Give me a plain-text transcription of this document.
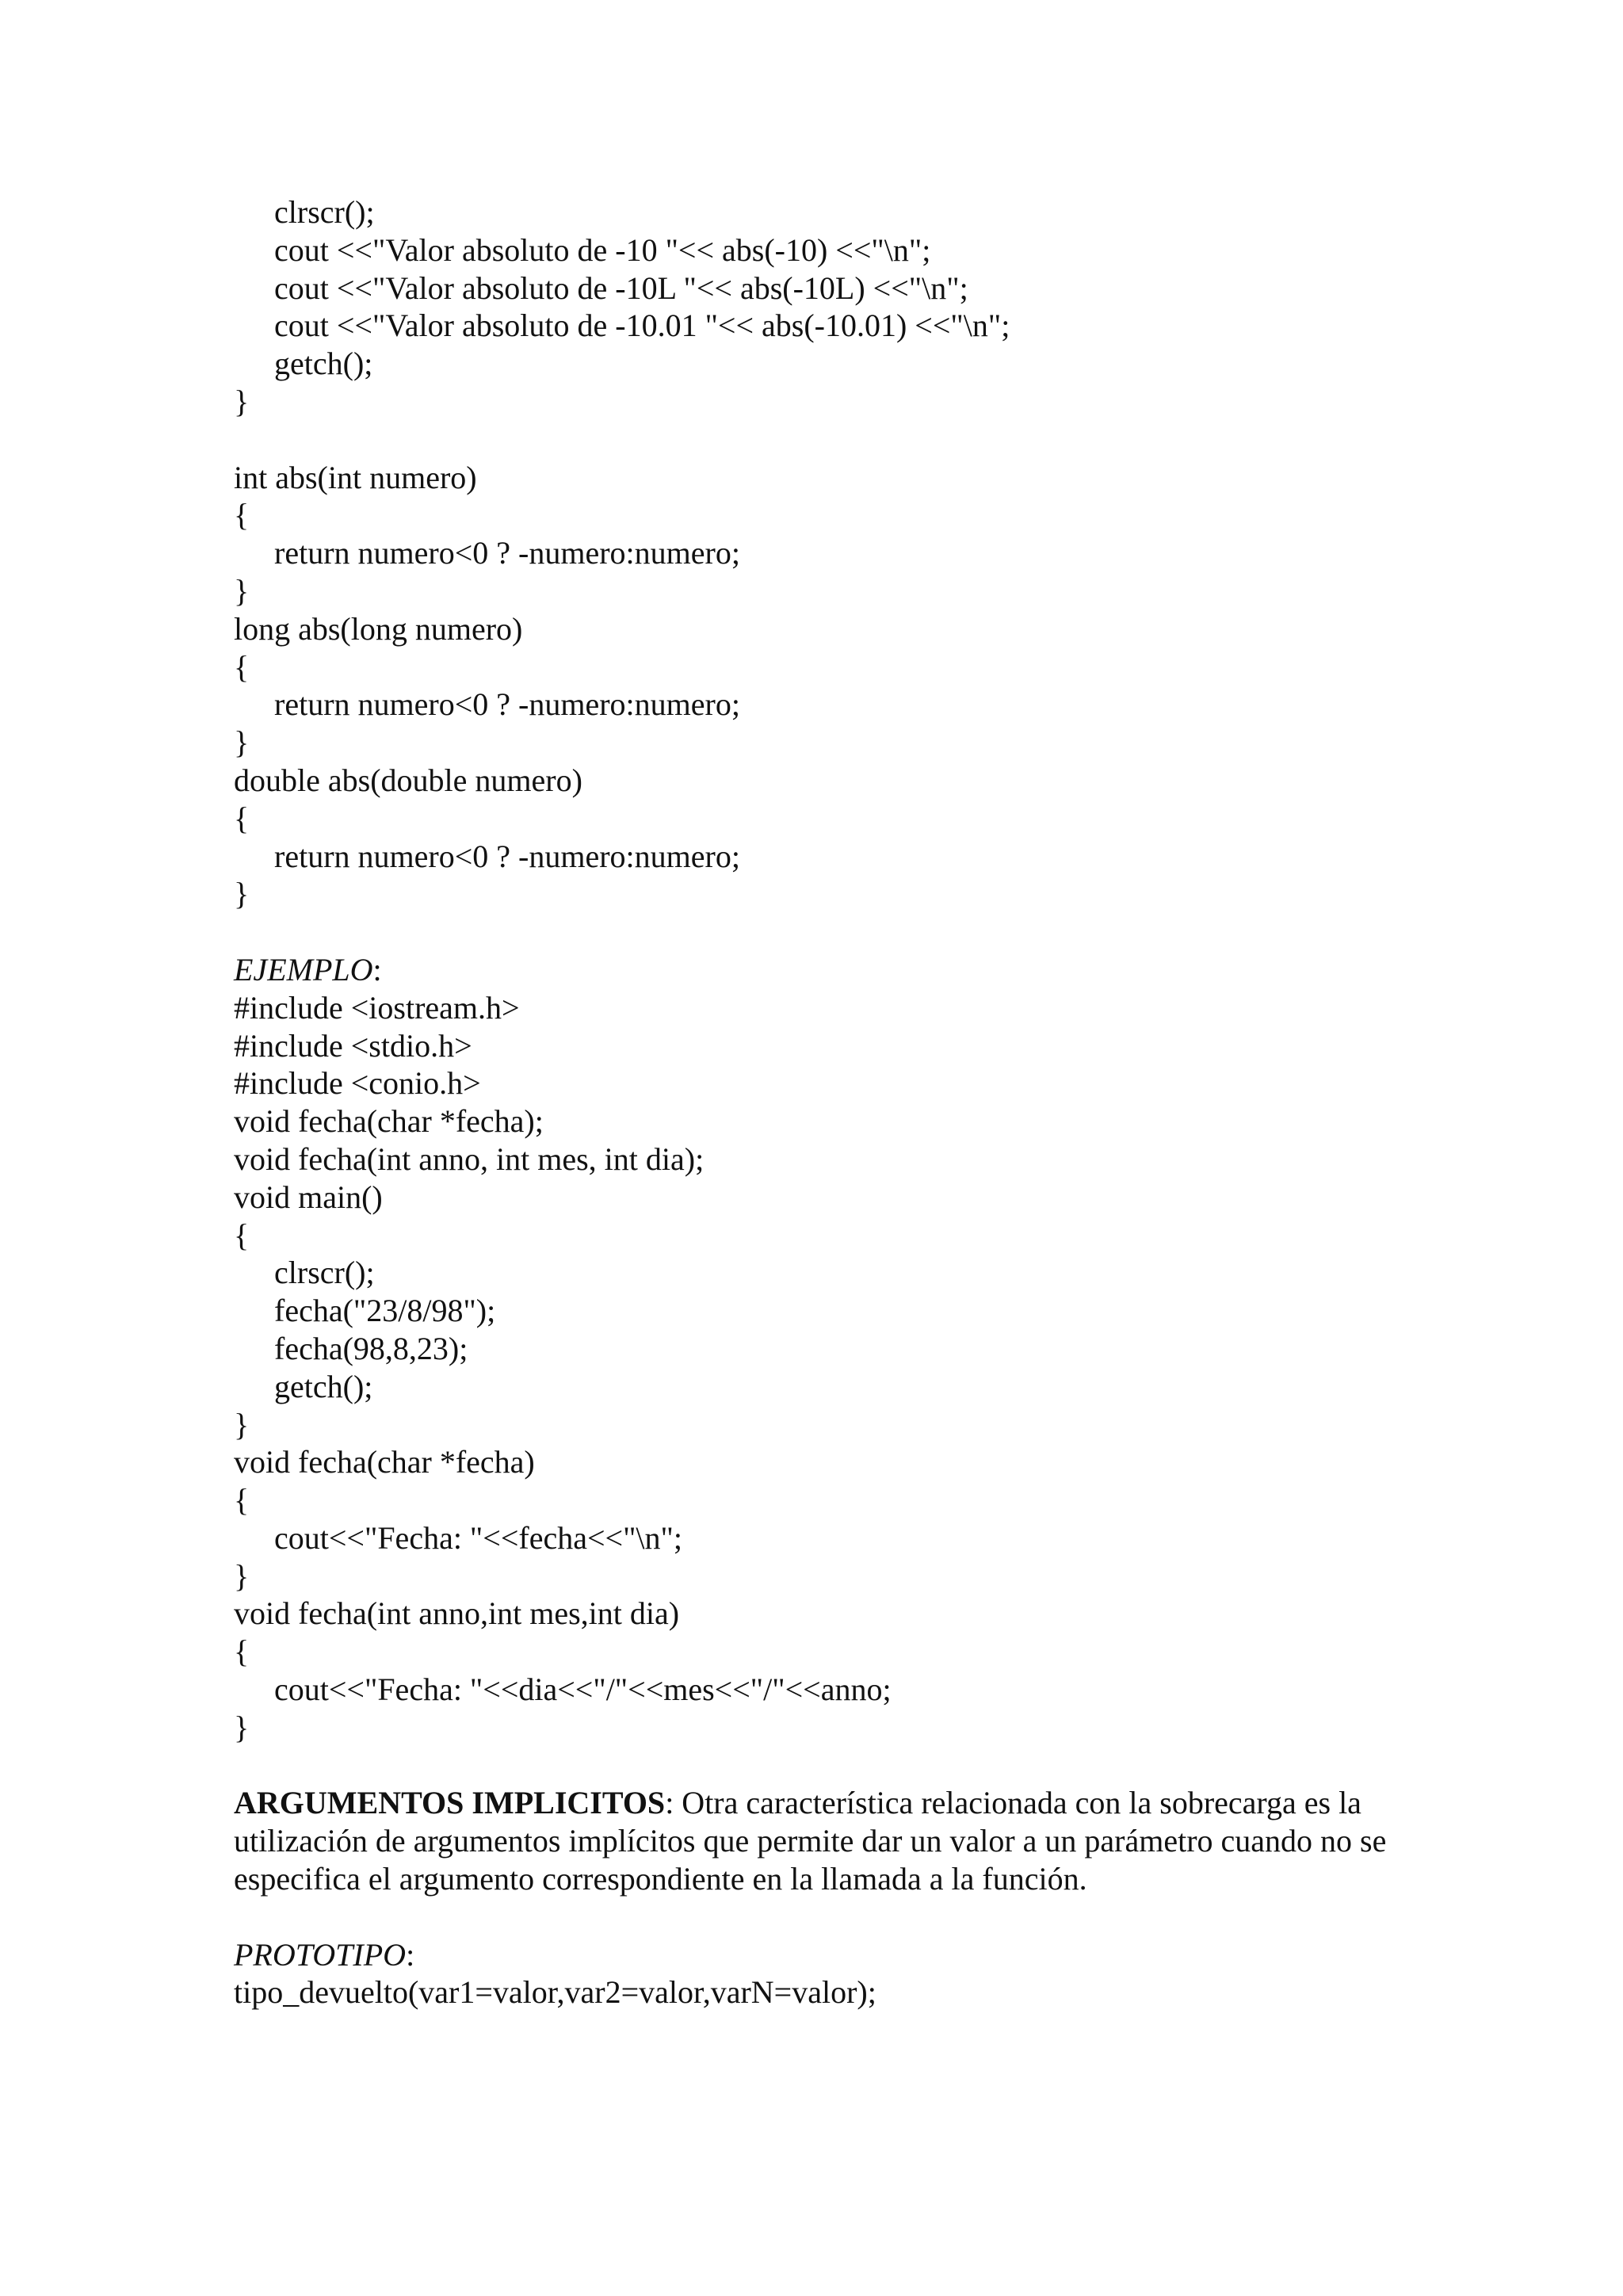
clrscr();
cout <<"Valor absoluto de -10 "<< abs(-10) <<"\n";
cout <<"Valor absoluto de -10L "<< abs(-10L) <<"\n";
cout <<"Valor absoluto de -10.01 "<< abs(-10.01) <<"\n";
getch();
}
int abs(int numero)
{
return numero<0 ? -numero:numero;
}
long abs(long numero)
{
return numero<0 ? -numero:numero;
}
double abs(double numero)
{
return numero<0 ? -numero:numero;
}
EJEMPLO:
#include <iostream.h>
#include <stdio.h>
#include <conio.h>
void fecha(char *fecha);
void fecha(int anno, int mes, int dia);
void main()
{
clrscr();
fecha("23/8/98");
fecha(98,8,23);
getch();
}
void fecha(char *fecha)
{
cout<<"Fecha: "<<fecha<<"\n";
}
void fecha(int anno,int mes,int dia)
{
cout<<"Fecha: "<<dia<<"/"<<mes<<"/"<<anno;
}
ARGUMENTOS IMPLICITOS: Otra característica relacionada con la sobrecarga es la utilización de argumentos implícitos que permite dar un valor a un parámetro cuando no se especifica el argumento correspondiente en la llamada a la función.
PROTOTIPO:
tipo_devuelto(var1=valor,var2=valor,varN=valor);
